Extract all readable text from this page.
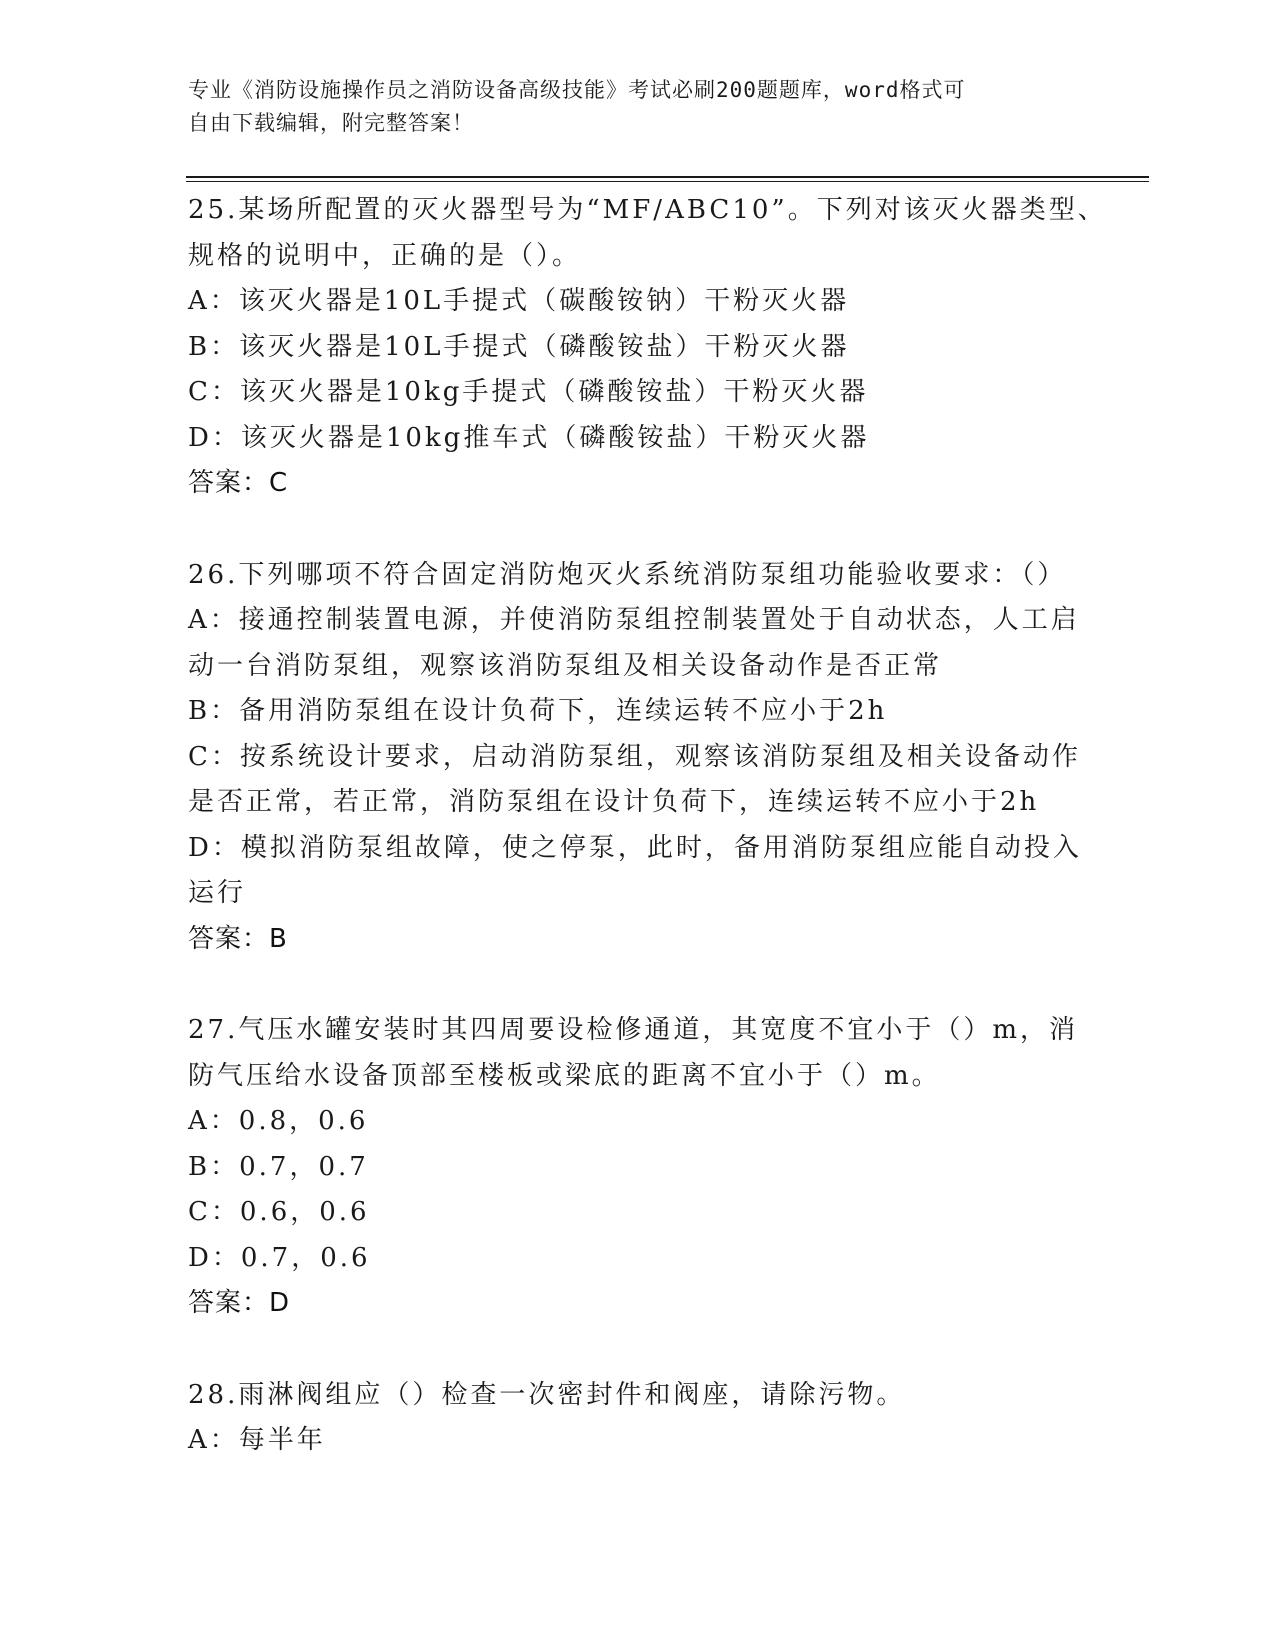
专业《消防设施操作员之消防设备高级技能》考试必刷200题题库，word格式可
自由下载编辑，附完整答案！
25.某场所配置的灭火器型号为“MF/ABC10”。下列对该灭火器类型、
规格的说明中，正确的是（）。
A：该灭火器是10L手提式（碳酸铵钠）干粉灭火器
B：该灭火器是10L手提式（磷酸铵盐）干粉灭火器
C：该灭火器是10kg手提式（磷酸铵盐）干粉灭火器
D：该灭火器是10kg推车式（磷酸铵盐）干粉灭火器
答案：C
26.下列哪项不符合固定消防炮灭火系统消防泵组功能验收要求：（）
A：接通控制装置电源，并使消防泵组控制装置处于自动状态，人工启
动一台消防泵组，观察该消防泵组及相关设备动作是否正常
B：备用消防泵组在设计负荷下，连续运转不应小于2h
C：按系统设计要求，启动消防泵组，观察该消防泵组及相关设备动作
是否正常，若正常，消防泵组在设计负荷下，连续运转不应小于2h
D：模拟消防泵组故障，使之停泵，此时，备用消防泵组应能自动投入
运行
答案：B
27.气压水罐安装时其四周要设检修通道，其宽度不宜小于（）m，消
防气压给水设备顶部至楼板或梁底的距离不宜小于（）m。
A：0.8，0.6
B：0.7，0.7
C：0.6，0.6
D：0.7，0.6
答案：D
28.雨淋阀组应（）检查一次密封件和阀座，请除污物。
A：每半年
